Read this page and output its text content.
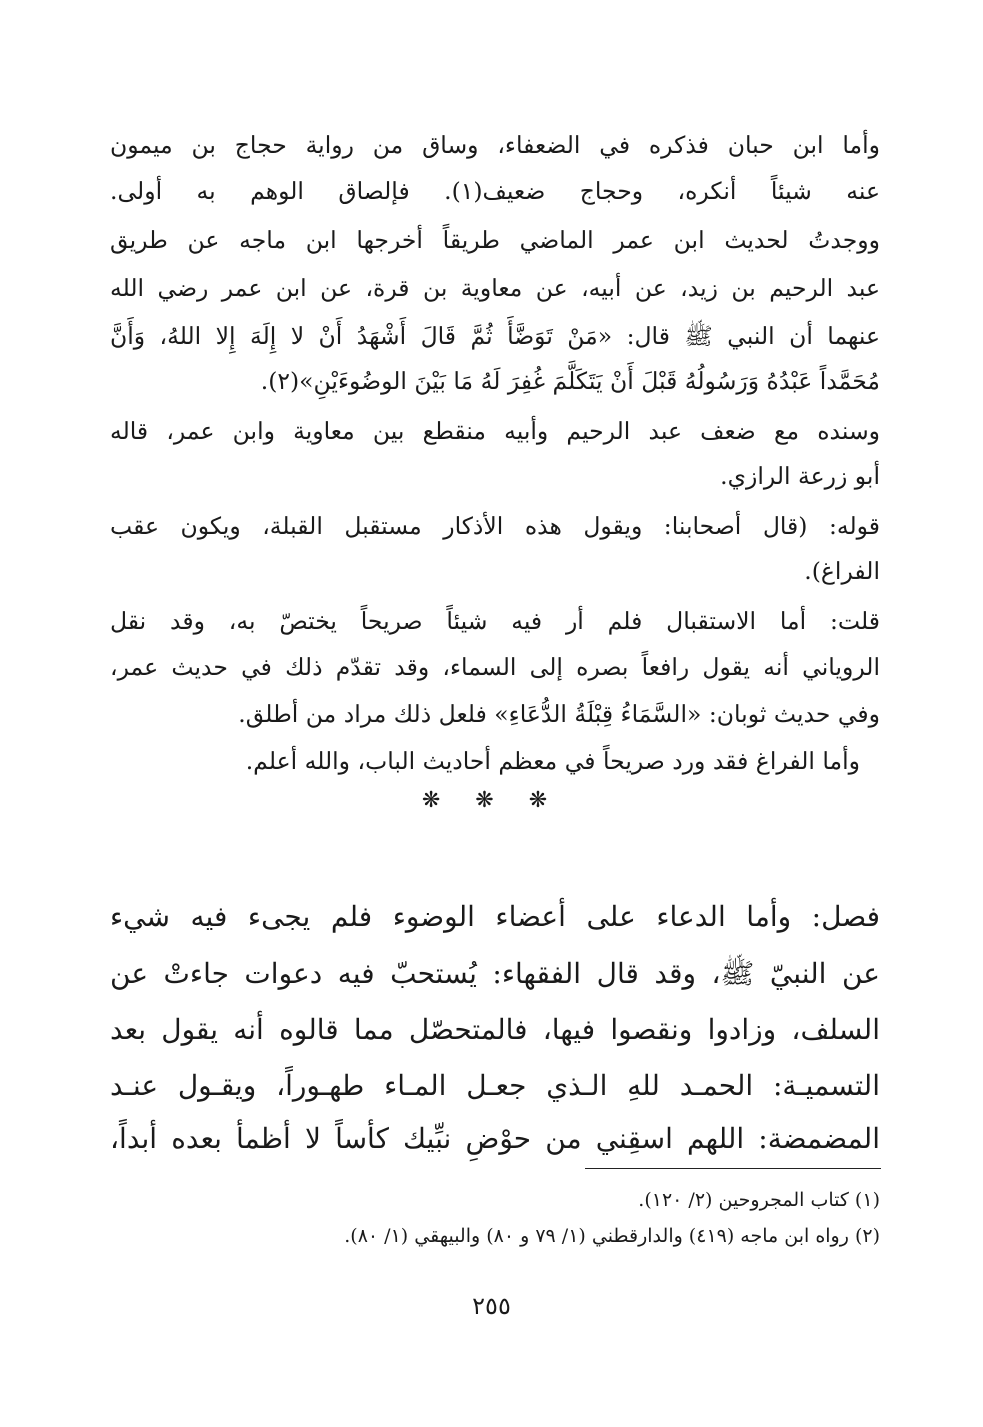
وأما ابن حبان فذكره في الضعفاء، وساق من رواية حجاج بن ميمون
عنه شيئاً أنكره، وحجاج ضعيف(١). فإلصاق الوهم به أولى.
ووجدتُ لحديث ابن عمر الماضي طريقاً أخرجها ابن ماجه عن طريق
عبد الرحيم بن زيد، عن أبيه، عن معاوية بن قرة، عن ابن عمر رضي الله
عنهما أن النبي ﷺ قال: «مَنْ تَوَضَّأَ ثُمَّ قَالَ أَشْهَدُ أَنْ لا إِلَهَ إِلا اللهُ، وَأَنَّ
مُحَمَّداً عَبْدُهُ وَرَسُولُهُ قَبْلَ أَنْ يَتَكَلَّمَ غُفِرَ لَهُ مَا بَيْنَ الوضُوءَيْنِ»(٢).
وسنده مع ضعف عبد الرحيم وأبيه منقطع بين معاوية وابن عمر، قاله
أبو زرعة الرازي.
قوله: (قال أصحابنا: ويقول هذه الأذكار مستقبل القبلة، ويكون عقب
الفراغ).
قلت: أما الاستقبال فلم أر فيه شيئاً صريحاً يختصّ به، وقد نقل
الروياني أنه يقول رافعاً بصره إلى السماء، وقد تقدّم ذلك في حديث عمر،
وفي حديث ثوبان: «السَّمَاءُ قِبْلَةُ الدُّعَاءِ» فلعل ذلك مراد من أطلق.
وأما الفراغ فقد ورد صريحاً في معظم أحاديث الباب، والله أعلم.
❋ ❋ ❋
فصل: وأما الدعاء على أعضاء الوضوء فلم يجىء فيه شيء
عن النبيّ ﷺ، وقد قال الفقهاء: يُستحبّ فيه دعوات جاءتْ عن
السلف، وزادوا ونقصوا فيها، فالمتحصّل مما قالوه أنه يقول بعد
التسميـة: الحمـد للهِ الـذي جعـل المـاء طهـوراً، ويقـول عنـد
المضمضة: اللهم اسقِني من حوْضِ نبِّيك كأساً لا أظمأ بعده أبداً،
(١) كتاب المجروحين (٢/ ١٢٠).
(٢) رواه ابن ماجه (٤١٩) والدارقطني (١/ ٧٩ و ٨٠) والبيهقي (١/ ٨٠).
٢٥٥
